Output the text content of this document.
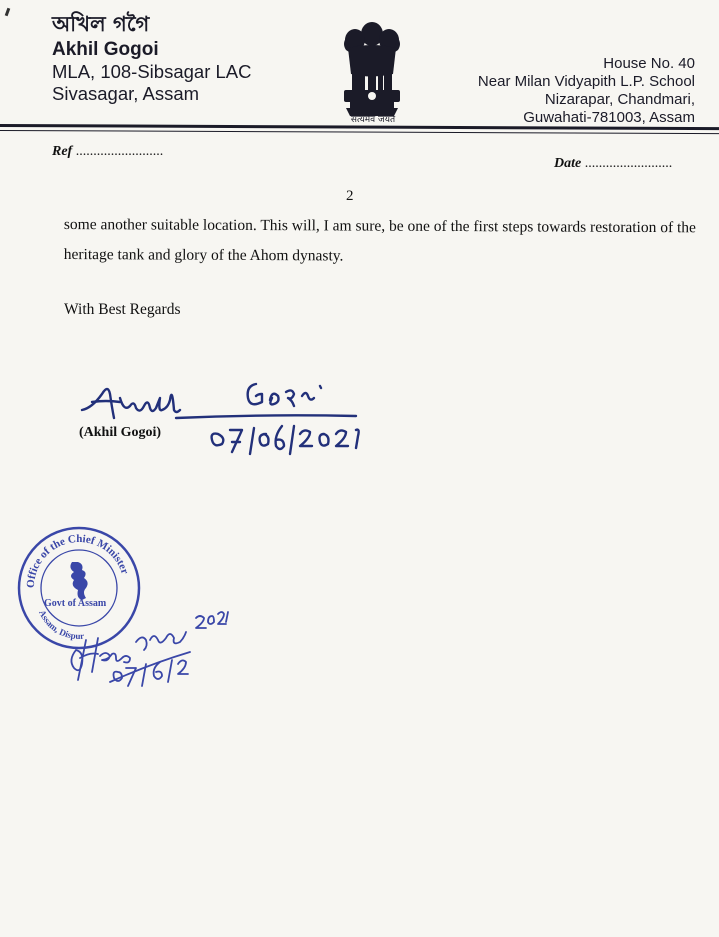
অখিল গগৈ
Akhil Gogoi
MLA, 108-Sibsagar LAC
Sivasagar, Assam
सत्यमेव जयते
House No. 40
Near Milan Vidyapith L.P. School
Nizarapar, Chandmari,
Guwahati-781003, Assam
Ref .........................
Date .........................
2
some another suitable location. This will, I am sure, be one of the first steps towards restoration of the heritage tank and glory of the Ahom dynasty.
With Best Regards
(Akhil Gogoi)
Office of the Chief Minister
Govt of Assam
Assam, Dispur
